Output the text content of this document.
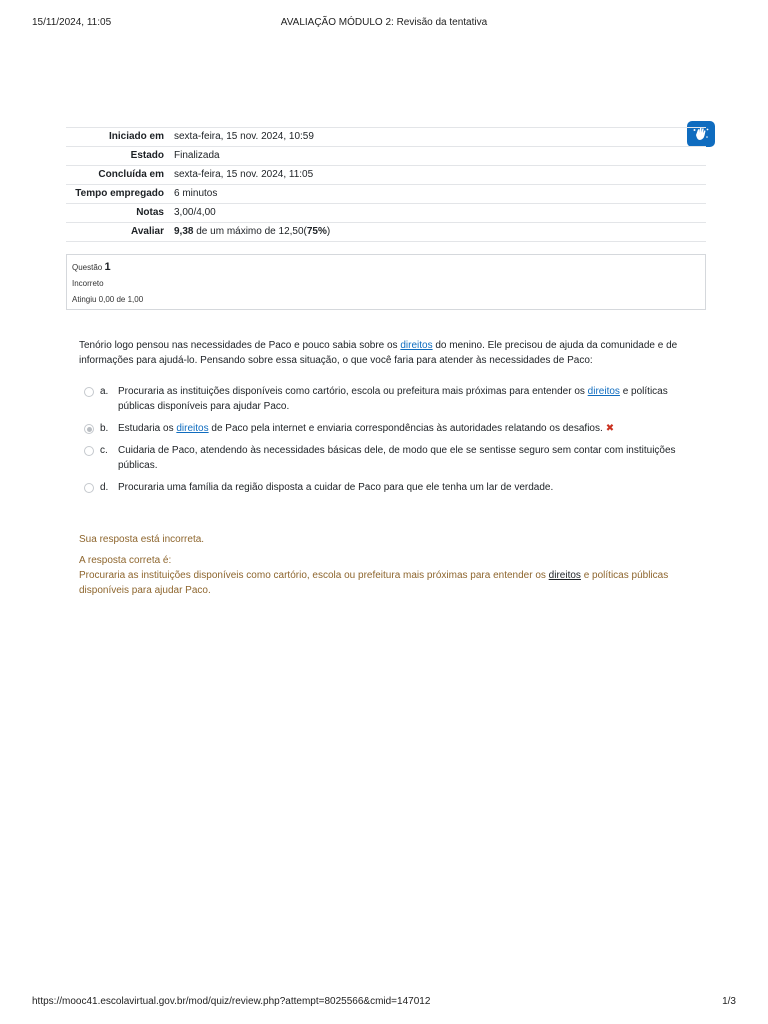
15/11/2024, 11:05	AVALIAÇÃO MÓDULO 2: Revisão da tentativa
Iniciado em	sexta-feira, 15 nov. 2024, 10:59
Estado	Finalizada
Concluída em	sexta-feira, 15 nov. 2024, 11:05
Tempo empregado	6 minutos
Notas	3,00/4,00
Avaliar	9,38 de um máximo de 12,50(75%)
Questão 1
Incorreto
Atingiu 0,00 de 1,00
Tenório logo pensou nas necessidades de Paco e pouco sabia sobre os direitos do menino. Ele precisou de ajuda da comunidade e de informações para ajudá-lo. Pensando sobre essa situação, o que você faria para atender às necessidades de Paco:
a. Procuraria as instituições disponíveis como cartório, escola ou prefeitura mais próximas para entender os direitos e políticas públicas disponíveis para ajudar Paco.
b. Estudaria os direitos de Paco pela internet e enviaria correspondências às autoridades relatando os desafios. ✖
c. Cuidaria de Paco, atendendo às necessidades básicas dele, de modo que ele se sentisse seguro sem contar com instituições públicas.
d. Procuraria uma família da região disposta a cuidar de Paco para que ele tenha um lar de verdade.
Sua resposta está incorreta.
A resposta correta é:
Procuraria as instituições disponíveis como cartório, escola ou prefeitura mais próximas para entender os direitos e políticas públicas disponíveis para ajudar Paco.
https://mooc41.escolavirtual.gov.br/mod/quiz/review.php?attempt=8025566&cmid=147012	1/3
